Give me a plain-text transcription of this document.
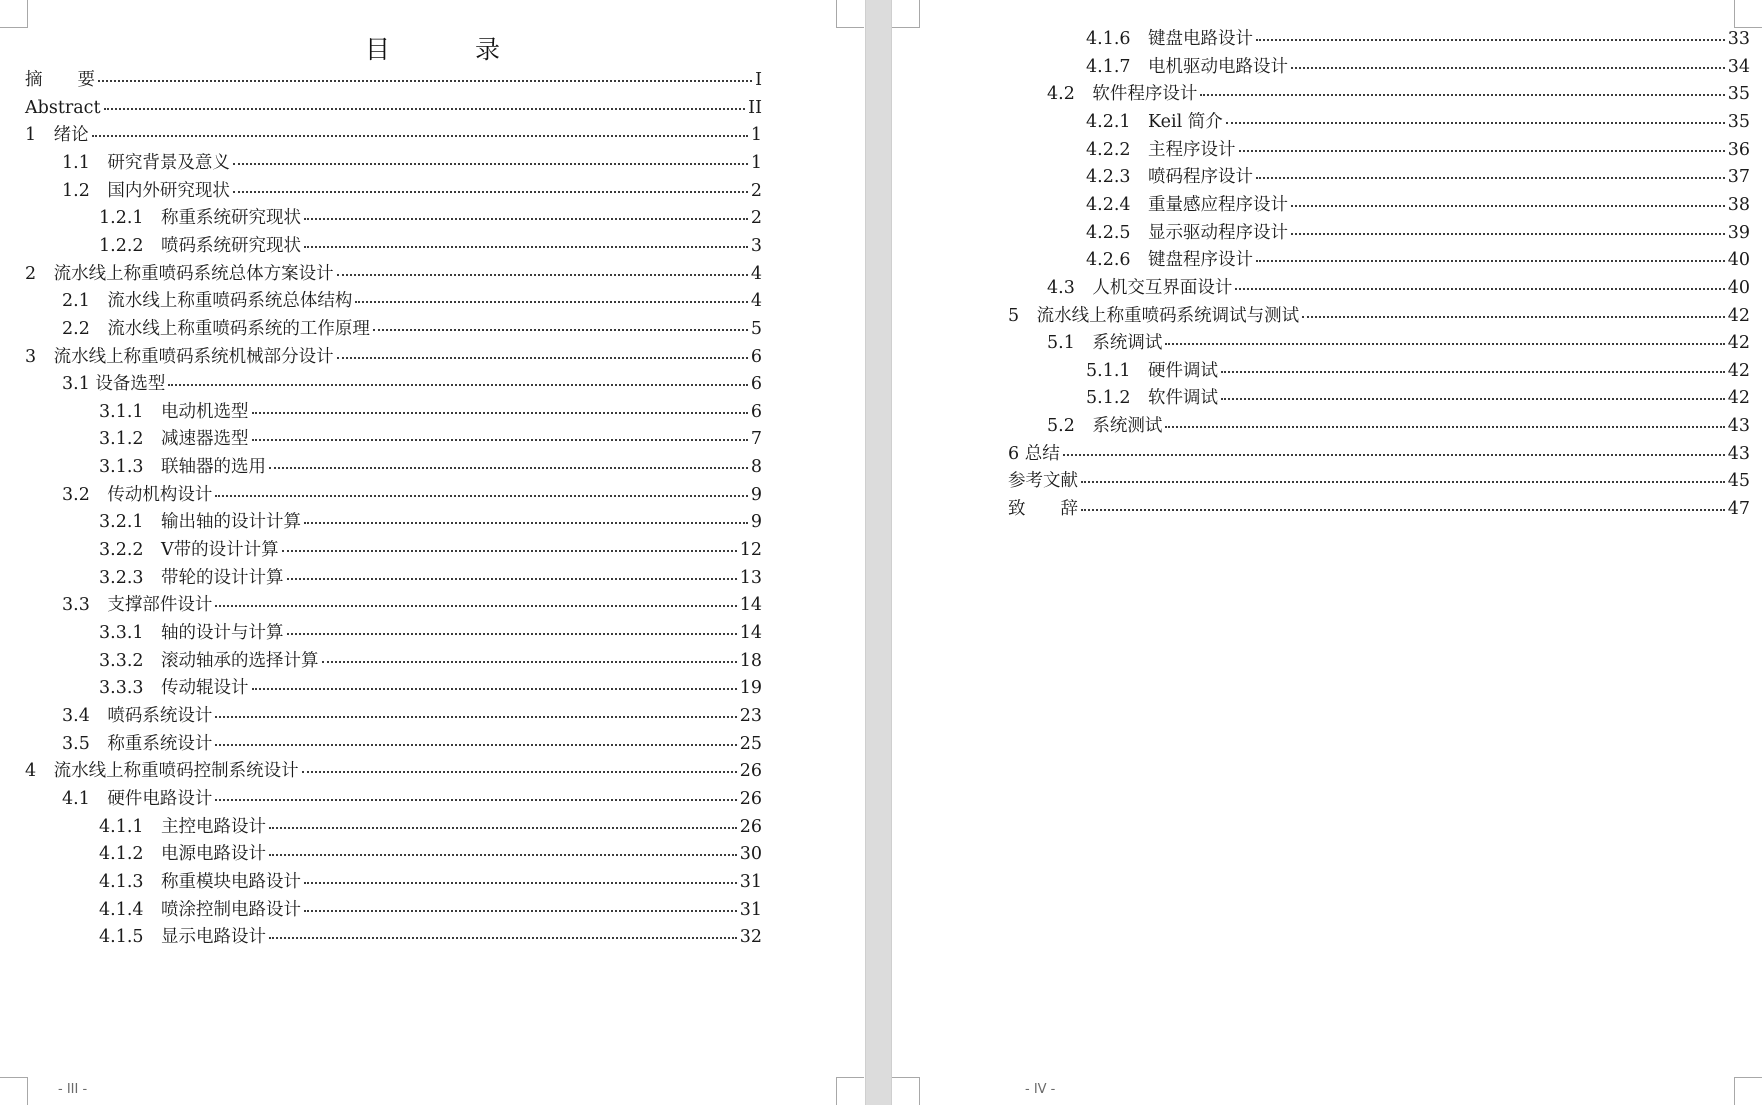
目　录
摘　　要	I
Abstract	II
1　绪论	1
1.1　研究背景及意义	1
1.2　国内外研究现状	2
1.2.1　称重系统研究现状	2
1.2.2　喷码系统研究现状	3
2　流水线上称重喷码系统总体方案设计	4
2.1　流水线上称重喷码系统总体结构	4
2.2　流水线上称重喷码系统的工作原理	5
3　流水线上称重喷码系统机械部分设计	6
3.1 设备选型	6
3.1.1　电动机选型	6
3.1.2　减速器选型	7
3.1.3　联轴器的选用	8
3.2　传动机构设计	9
3.2.1　输出轴的设计计算	9
3.2.2　V带的设计计算	12
3.2.3　带轮的设计计算	13
3.3　支撑部件设计	14
3.3.1　轴的设计与计算	14
3.3.2　滚动轴承的选择计算	18
3.3.3　传动辊设计	19
3.4　喷码系统设计	23
3.5　称重系统设计	25
4　流水线上称重喷码控制系统设计	26
4.1　硬件电路设计	26
4.1.1　主控电路设计	26
4.1.2　电源电路设计	30
4.1.3　称重模块电路设计	31
4.1.4　喷涂控制电路设计	31
4.1.5　显示电路设计	32
- III -
4.1.6　键盘电路设计	33
4.1.7　电机驱动电路设计	34
4.2　软件程序设计	35
4.2.1　Keil 简介	35
4.2.2　主程序设计	36
4.2.3　喷码程序设计	37
4.2.4　重量感应程序设计	38
4.2.5　显示驱动程序设计	39
4.2.6　键盘程序设计	40
4.3　人机交互界面设计	40
5　流水线上称重喷码系统调试与测试	42
5.1　系统调试	42
5.1.1　硬件调试	42
5.1.2　软件调试	42
5.2　系统测试	43
6 总结	43
参考文献	45
致　　辞	47
- IV -
